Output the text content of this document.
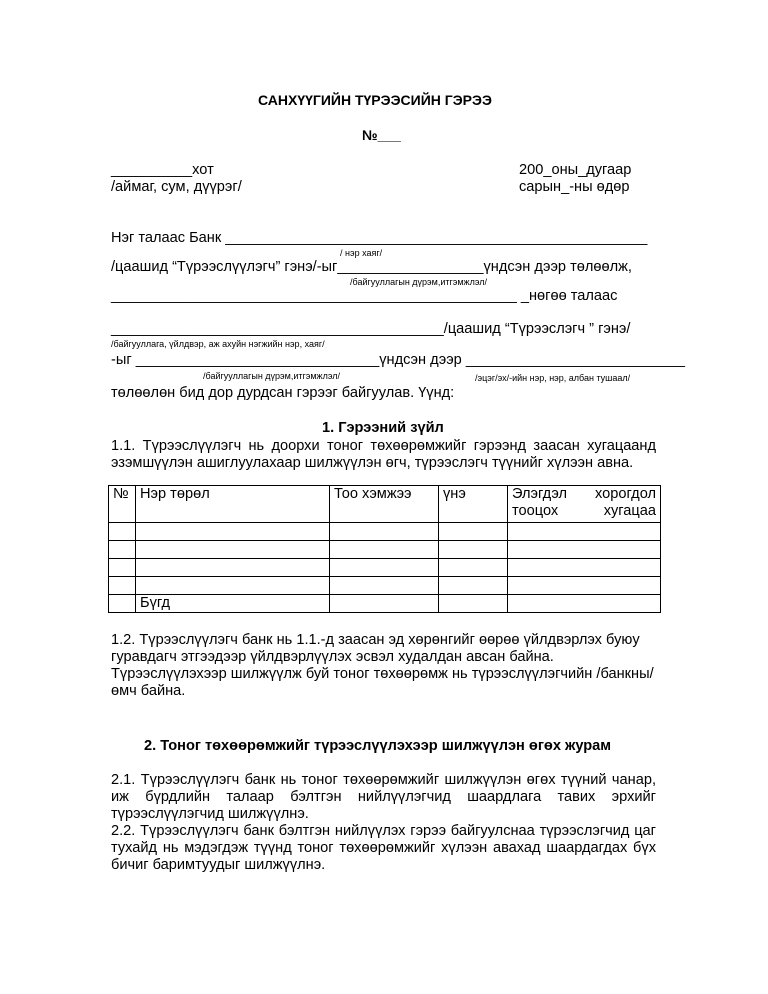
САНХҮҮГИЙН ТҮРЭЭСИЙН ГЭРЭЭ

№___

__________хот

/аймаг, сум, дүүрэг/

200_оны_дугаар

сарын_-ны өдөр

Нэг талаас Банк ____________________________________________________

/ нэр хаяг/

/цаашид “Түрээслүүлэгч” гэнэ/-ыг__________________үндсэн дээр төлөөлж,

/байгууллагын дүрэм,итгэмжлэл/

__________________________________________________ _нөгөө талаас

_________________________________________/цаашид “Түрээслэгч ” гэнэ/

/байгууллага, үйлдвэр, аж ахуйн нэгжийн нэр, хаяг/

-ыг ______________________________үндсэн дээр ___________________________

/байгууллагын дүрэм,итгэмжлэл/	/эцэг/эх/-ийн нэр, нэр, албан тушаал/

төлөөлөн бид дор дурдсан гэрээг байгуулав. Үүнд:

1. Гэрээний зүйл

1.1. Түрээслүүлэгч нь доорхи тоног төхөөрөмжийг гэрээнд заасан хугацаанд эзэмшүүлэн ашиглуулахаар шилжүүлэн өгч, түрээслэгч түүнийг хүлээн авна.

№	Нэр төрөл	Тоо хэмжээ	үнэ	Элэгдэл хорогдол тооцох хугацаа

	Бүгд			

1.2. Түрээслүүлэгч банк нь 1.1.-д заасан эд хөрөнгийг өөрөө үйлдвэрлэх буюу гуравдагч этгээдээр үйлдвэрлүүлэх эсвэл худалдан авсан байна. Түрээслүүлэхээр шилжүүлж буй тоног төхөөрөмж нь түрээслүүлэгчийн /банкны/ өмч байна.

2. Тоног төхөөрөмжийг түрээслүүлэхээр шилжүүлэн өгөх журам

2.1. Түрээслүүлэгч банк нь тоног төхөөрөмжийг шилжүүлэн өгөх түүний чанар, иж бүрдлийн талаар бэлтгэн нийлүүлэгчид шаардлага тавих эрхийг түрээслүүлэгчид шилжүүлнэ.

2.2. Түрээслүүлэгч банк бэлтгэн нийлүүлэх гэрээ байгуулснаа түрээслэгчид цаг тухайд нь мэдэгдэж түүнд тоног төхөөрөмжийг хүлээн авахад шаардагдах бүх бичиг баримтуудыг шилжүүлнэ.
